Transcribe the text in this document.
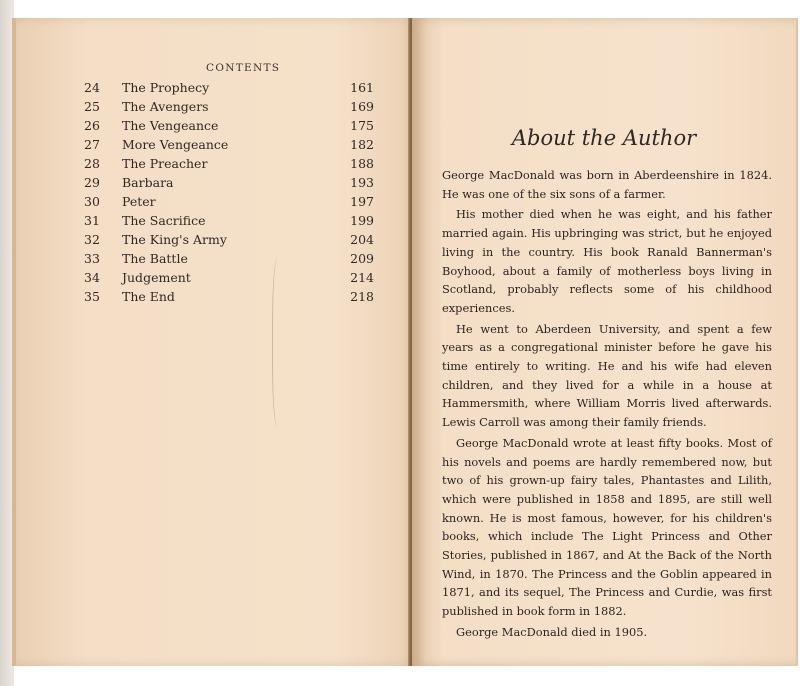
CONTENTS
24	The Prophecy	161
25	The Avengers	169
26	The Vengeance	175
27	More Vengeance	182
28	The Preacher	188
29	Barbara	193
30	Peter	197
31	The Sacrifice	199
32	The King's Army	204
33	The Battle	209
34	Judgement	214
35	The End	218
About the Author

George MacDonald was born in Aberdeenshire in 1824. He was one of the six sons of a farmer.

His mother died when he was eight, and his father married again. His upbringing was strict, but he enjoyed living in the country. His book Ranald Bannerman's Boyhood, about a family of motherless boys living in Scotland, probably reflects some of his childhood experiences.

He went to Aberdeen University, and spent a few years as a congregational minister before he gave his time entirely to writing. He and his wife had eleven children, and they lived for a while in a house at Hammersmith, where William Morris lived afterwards. Lewis Carroll was among their family friends.

George MacDonald wrote at least fifty books. Most of his novels and poems are hardly remembered now, but two of his grown-up fairy tales, Phantastes and Lilith, which were published in 1858 and 1895, are still well known. He is most famous, however, for his children's books, which include The Light Princess and Other Stories, published in 1867, and At the Back of the North Wind, in 1870. The Princess and the Goblin appeared in 1871, and its sequel, The Princess and Curdie, was first published in book form in 1882.

George MacDonald died in 1905.
